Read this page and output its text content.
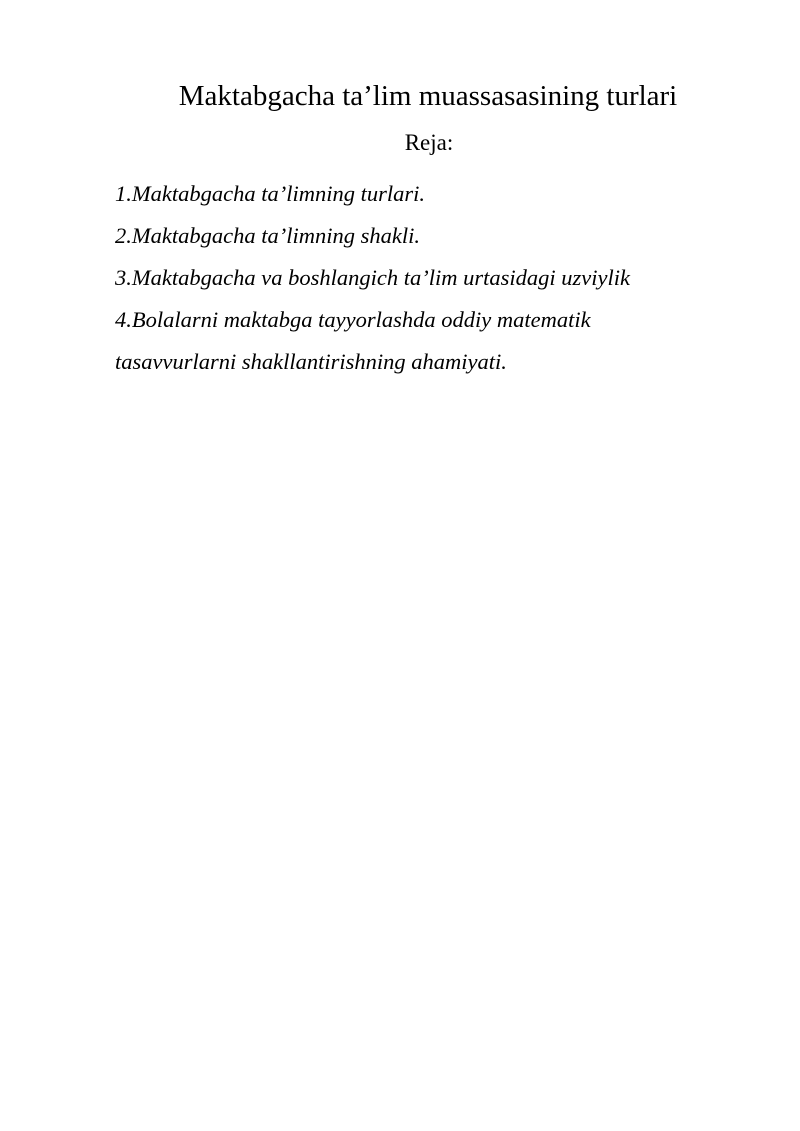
Maktabgacha ta’lim muassasasining turlari
Reja:
1.Maktabgacha ta’limning turlari.
2.Maktabgacha ta’limning shakli.
3.Maktabgacha va boshlangich ta’lim urtasidagi uzviylik
4.Bolalarni maktabga tayyorlashda oddiy matematik
tasavvurlarni shakllantirishning ahamiyati.
